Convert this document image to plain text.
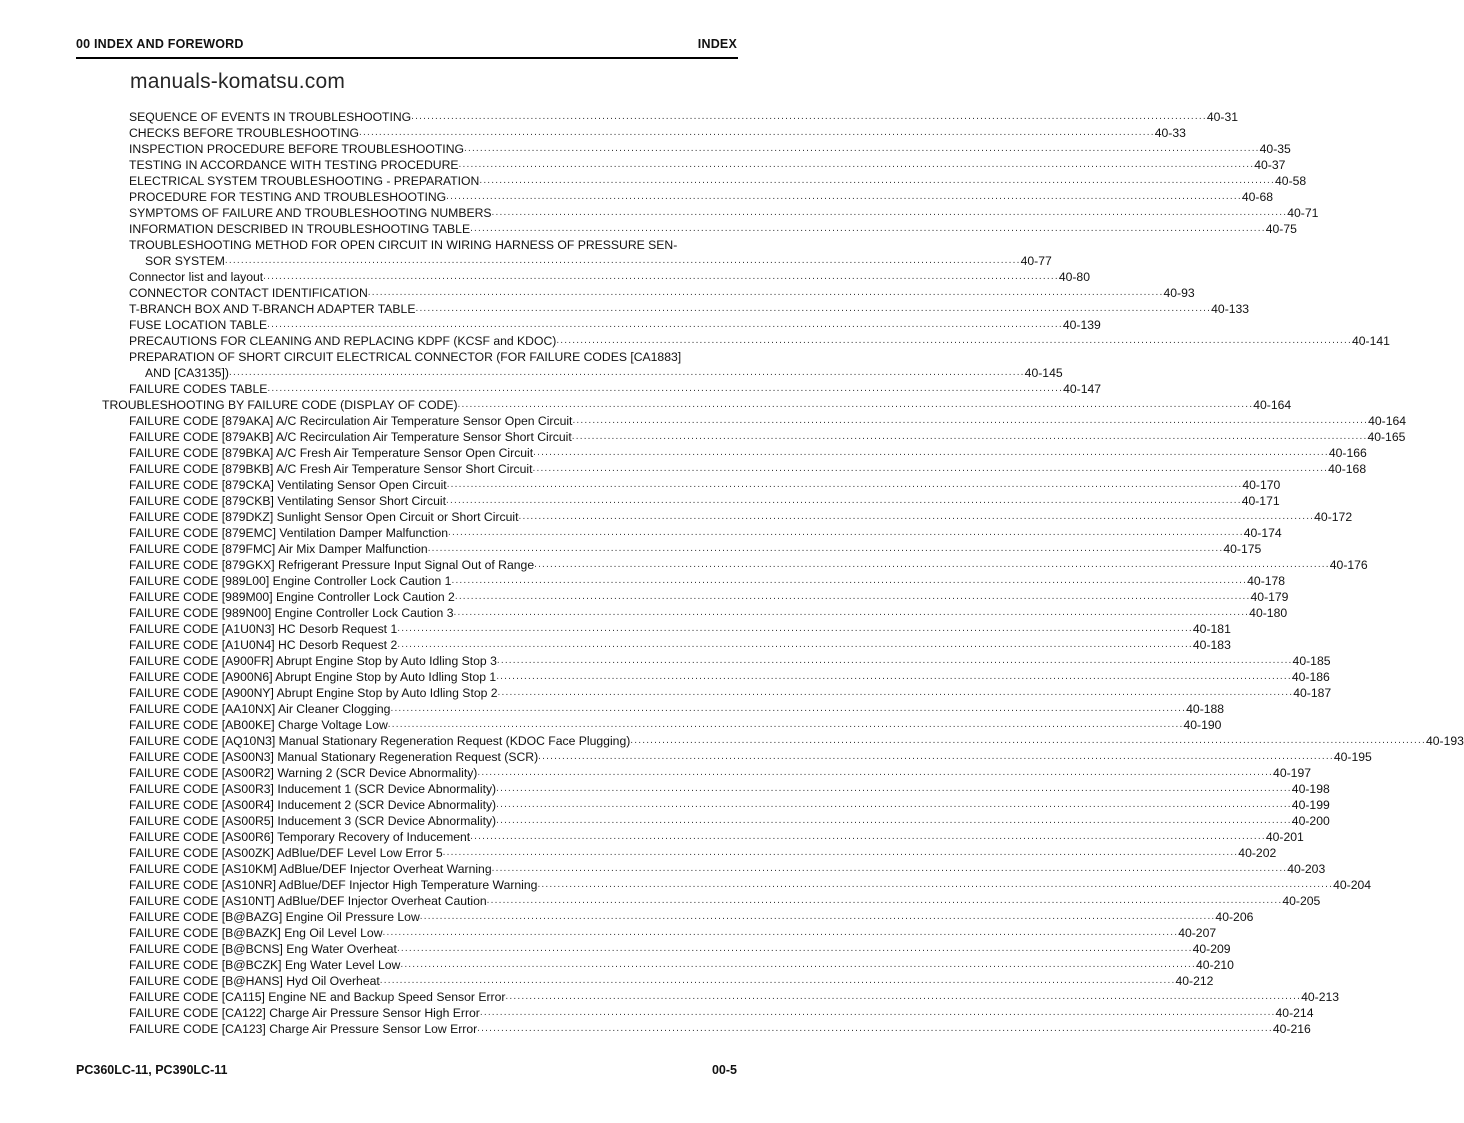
00 INDEX AND FOREWORD	INDEX
manuals-komatsu.com
SEQUENCE OF EVENTS IN TROUBLESHOOTING ........................................................................................................................................................................................................ 40-31
CHECKS BEFORE TROUBLESHOOTING ........................................................................................................................................................................................................ 40-33
INSPECTION PROCEDURE BEFORE TROUBLESHOOTING ........................................................................................................................................................................................................ 40-35
TESTING IN ACCORDANCE WITH TESTING PROCEDURE ........................................................................................................................................................................................................ 40-37
ELECTRICAL SYSTEM TROUBLESHOOTING - PREPARATION ........................................................................................................................................................................................................ 40-58
PROCEDURE FOR TESTING AND TROUBLESHOOTING ........................................................................................................................................................................................................ 40-68
SYMPTOMS OF FAILURE AND TROUBLESHOOTING NUMBERS ........................................................................................................................................................................................................ 40-71
INFORMATION DESCRIBED IN TROUBLESHOOTING TABLE ........................................................................................................................................................................................................ 40-75
TROUBLESHOOTING METHOD FOR OPEN CIRCUIT IN WIRING HARNESS OF PRESSURE SEN-
SOR SYSTEM ........................................................................................................................................................................................................ 40-77
Connector list and layout ........................................................................................................................................................................................................ 40-80
CONNECTOR CONTACT IDENTIFICATION ........................................................................................................................................................................................................ 40-93
T-BRANCH BOX AND T-BRANCH ADAPTER TABLE ........................................................................................................................................................................................................ 40-133
FUSE LOCATION TABLE ........................................................................................................................................................................................................ 40-139
PRECAUTIONS FOR CLEANING AND REPLACING KDPF (KCSF and KDOC) ........................................................................................................................................................................................................ 40-141
PREPARATION OF SHORT CIRCUIT ELECTRICAL CONNECTOR (FOR FAILURE CODES [CA1883]
AND [CA3135]) ........................................................................................................................................................................................................ 40-145
FAILURE CODES TABLE ........................................................................................................................................................................................................ 40-147
TROUBLESHOOTING BY FAILURE CODE (DISPLAY OF CODE) ........................................................................................................................................................................................................ 40-164
FAILURE CODE [879AKA] A/C Recirculation Air Temperature Sensor Open Circuit ........................................................................................................................................................................................................ 40-164
FAILURE CODE [879AKB] A/C Recirculation Air Temperature Sensor Short Circuit ........................................................................................................................................................................................................ 40-165
FAILURE CODE [879BKA] A/C Fresh Air Temperature Sensor Open Circuit ........................................................................................................................................................................................................ 40-166
FAILURE CODE [879BKB] A/C Fresh Air Temperature Sensor Short Circuit ........................................................................................................................................................................................................ 40-168
FAILURE CODE [879CKA] Ventilating Sensor Open Circuit ........................................................................................................................................................................................................ 40-170
FAILURE CODE [879CKB] Ventilating Sensor Short Circuit ........................................................................................................................................................................................................ 40-171
FAILURE CODE [879DKZ] Sunlight Sensor Open Circuit or Short Circuit ........................................................................................................................................................................................................ 40-172
FAILURE CODE [879EMC] Ventilation Damper Malfunction ........................................................................................................................................................................................................ 40-174
FAILURE CODE [879FMC] Air Mix Damper Malfunction ........................................................................................................................................................................................................ 40-175
FAILURE CODE [879GKX] Refrigerant Pressure Input Signal Out of Range ........................................................................................................................................................................................................ 40-176
FAILURE CODE [989L00] Engine Controller Lock Caution 1 ........................................................................................................................................................................................................ 40-178
FAILURE CODE [989M00] Engine Controller Lock Caution 2 ........................................................................................................................................................................................................ 40-179
FAILURE CODE [989N00] Engine Controller Lock Caution 3 ........................................................................................................................................................................................................ 40-180
FAILURE CODE [A1U0N3] HC Desorb Request 1 ........................................................................................................................................................................................................ 40-181
FAILURE CODE [A1U0N4] HC Desorb Request 2 ........................................................................................................................................................................................................ 40-183
FAILURE CODE [A900FR] Abrupt Engine Stop by Auto Idling Stop 3 ........................................................................................................................................................................................................ 40-185
FAILURE CODE [A900N6] Abrupt Engine Stop by Auto Idling Stop 1 ........................................................................................................................................................................................................ 40-186
FAILURE CODE [A900NY] Abrupt Engine Stop by Auto Idling Stop 2 ........................................................................................................................................................................................................ 40-187
FAILURE CODE [AA10NX] Air Cleaner Clogging ........................................................................................................................................................................................................ 40-188
FAILURE CODE [AB00KE] Charge Voltage Low ........................................................................................................................................................................................................ 40-190
FAILURE CODE [AQ10N3] Manual Stationary Regeneration Request (KDOC Face Plugging) ........................................................................................................................................................................................................ 40-193
FAILURE CODE [AS00N3] Manual Stationary Regeneration Request (SCR) ........................................................................................................................................................................................................ 40-195
FAILURE CODE [AS00R2] Warning 2 (SCR Device Abnormality) ........................................................................................................................................................................................................ 40-197
FAILURE CODE [AS00R3] Inducement 1 (SCR Device Abnormality) ........................................................................................................................................................................................................ 40-198
FAILURE CODE [AS00R4] Inducement 2 (SCR Device Abnormality) ........................................................................................................................................................................................................ 40-199
FAILURE CODE [AS00R5] Inducement 3 (SCR Device Abnormality) ........................................................................................................................................................................................................ 40-200
FAILURE CODE [AS00R6] Temporary Recovery of Inducement ........................................................................................................................................................................................................ 40-201
FAILURE CODE [AS00ZK] AdBlue/DEF Level Low Error 5 ........................................................................................................................................................................................................ 40-202
FAILURE CODE [AS10KM] AdBlue/DEF Injector Overheat Warning ........................................................................................................................................................................................................ 40-203
FAILURE CODE [AS10NR] AdBlue/DEF Injector High Temperature Warning ........................................................................................................................................................................................................ 40-204
FAILURE CODE [AS10NT] AdBlue/DEF Injector Overheat Caution ........................................................................................................................................................................................................ 40-205
FAILURE CODE [B@BAZG] Engine Oil Pressure Low ........................................................................................................................................................................................................ 40-206
FAILURE CODE [B@BAZK] Eng Oil Level Low ........................................................................................................................................................................................................ 40-207
FAILURE CODE [B@BCNS] Eng Water Overheat ........................................................................................................................................................................................................ 40-209
FAILURE CODE [B@BCZK] Eng Water Level Low ........................................................................................................................................................................................................ 40-210
FAILURE CODE [B@HANS] Hyd Oil Overheat ........................................................................................................................................................................................................ 40-212
FAILURE CODE [CA115] Engine NE and Backup Speed Sensor Error ........................................................................................................................................................................................................ 40-213
FAILURE CODE [CA122] Charge Air Pressure Sensor High Error ........................................................................................................................................................................................................ 40-214
FAILURE CODE [CA123] Charge Air Pressure Sensor Low Error ........................................................................................................................................................................................................ 40-216
PC360LC-11, PC390LC-11	00-5
